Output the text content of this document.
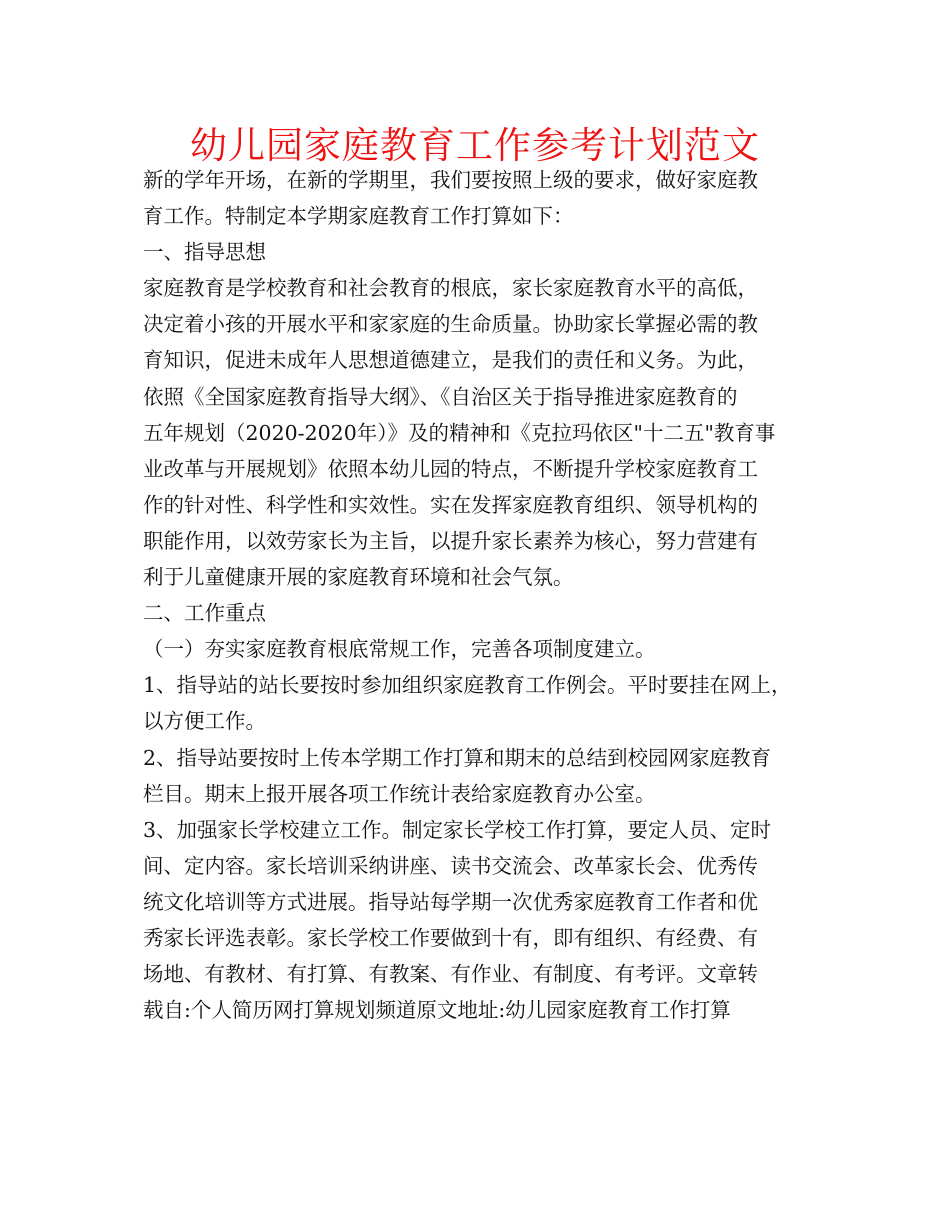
幼儿园家庭教育工作参考计划范文
新的学年开场，在新的学期里，我们要按照上级的要求，做好家庭教
育工作。特制定本学期家庭教育工作打算如下：
一、指导思想
家庭教育是学校教育和社会教育的根底，家长家庭教育水平的高低，
决定着小孩的开展水平和家家庭的生命质量。协助家长掌握必需的教
育知识，促进未成年人思想道德建立，是我们的责任和义务。为此，
依照《全国家庭教育指导大纲》、《自治区关于指导推进家庭教育的
五年规划（2020-2020年）》及的精神和《克拉玛依区"十二五"教育事
业改革与开展规划》依照本幼儿园的特点，不断提升学校家庭教育工
作的针对性、科学性和实效性。实在发挥家庭教育组织、领导机构的
职能作用，以效劳家长为主旨，以提升家长素养为核心，努力营建有
利于儿童健康开展的家庭教育环境和社会气氛。
二、工作重点
（一）夯实家庭教育根底常规工作，完善各项制度建立。
1、指导站的站长要按时参加组织家庭教育工作例会。平时要挂在网上，
以方便工作。
2、指导站要按时上传本学期工作打算和期末的总结到校园网家庭教育
栏目。期末上报开展各项工作统计表给家庭教育办公室。
3、加强家长学校建立工作。制定家长学校工作打算，要定人员、定时
间、定内容。家长培训采纳讲座、读书交流会、改革家长会、优秀传
统文化培训等方式进展。指导站每学期一次优秀家庭教育工作者和优
秀家长评选表彰。家长学校工作要做到十有，即有组织、有经费、有
场地、有教材、有打算、有教案、有作业、有制度、有考评。文章转
载自:个人简历网打算规划频道原文地址:幼儿园家庭教育工作打算
